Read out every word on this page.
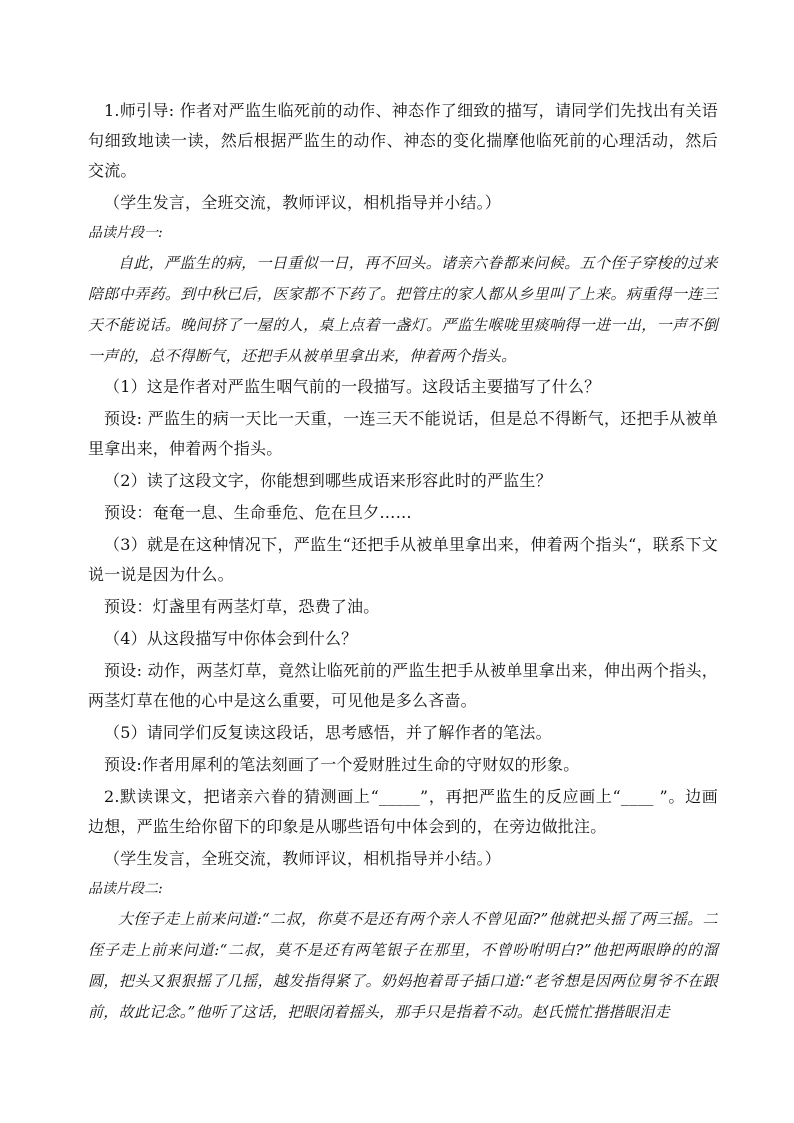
1.师引导: 作者对严监生临死前的动作、神态作了细致的描写，请同学们先找出有关语句细致地读一读，然后根据严监生的动作、神态的变化揣摩他临死前的心理活动，然后交流。

（学生发言，全班交流，教师评议，相机指导并小结。）

品读片段一:

自此，严监生的病，一日重似一日，再不回头。诸亲六眷都来问候。五个侄子穿梭的过来陪郎中弄药。到中秋已后，医家都不下药了。把管庄的家人都从乡里叫了上来。病重得一连三天不能说话。晚间挤了一屋的人，桌上点着一盏灯。严监生喉咙里痰响得一进一出，一声不倒一声的，总不得断气，还把手从被单里拿出来，伸着两个指头。

（1）这是作者对严监生咽气前的一段描写。这段话主要描写了什么？

预设: 严监生的病一天比一天重，一连三天不能说话，但是总不得断气，还把手从被单里拿出来，伸着两个指头。

（2）读了这段文字，你能想到哪些成语来形容此时的严监生？

预设：奄奄一息、生命垂危、危在旦夕……

（3）就是在这种情况下，严监生“还把手从被单里拿出来，伸着两个指头“，联系下文说一说是因为什么。

预设：灯盏里有两茎灯草，恐费了油。

（4）从这段描写中你体会到什么？

预设: 动作，两茎灯草，竟然让临死前的严监生把手从被单里拿出来，伸出两个指头，两茎灯草在他的心中是这么重要，可见他是多么吝啬。

（5）请同学们反复读这段话，思考感悟，并了解作者的笔法。

预设:作者用犀利的笔法刻画了一个爱财胜过生命的守财奴的形象。

2.默读课文，把诸亲六眷的猜测画上“_____”，再把严监生的反应画上“____ ”。边画边想，严监生给你留下的印象是从哪些语句中体会到的，在旁边做批注。

（学生发言，全班交流，教师评议，相机指导并小结。）

品读片段二:

大侄子走上前来问道:“二叔，你莫不是还有两个亲人不曾见面?”他就把头摇了两三摇。二侄子走上前来问道:“二叔，莫不是还有两笔银子在那里，不曾吩咐明白?”他把两眼睁的的溜圆，把头又狠狠摇了几摇，越发指得紧了。奶妈抱着哥子插口道:“老爷想是因两位舅爷不在跟前，故此记念。”他听了这话，把眼闭着摇头，那手只是指着不动。赵氏慌忙揩揩眼泪走
